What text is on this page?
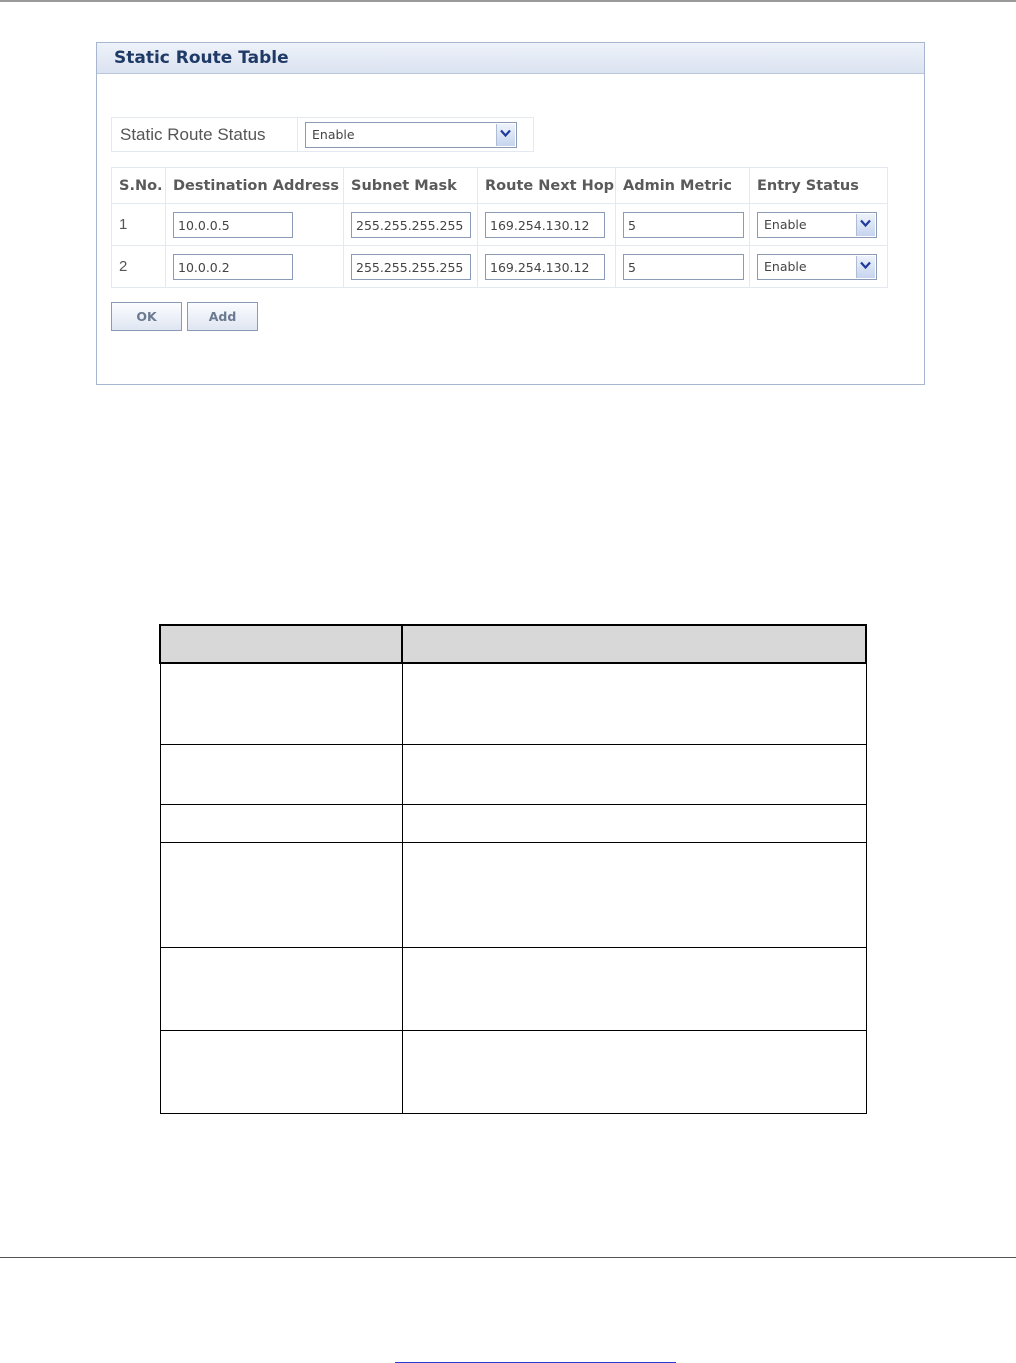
Static Route Table
Static Route Status	Enable
S.No.	Destination Address	Subnet Mask	Route Next Hop	Admin Metric	Entry Status
1	10.0.0.5	255.255.255.255	169.254.130.12	5	Enable

2	10.0.0.2	255.255.255.255	169.254.130.12	5	Enable
OK	Add
